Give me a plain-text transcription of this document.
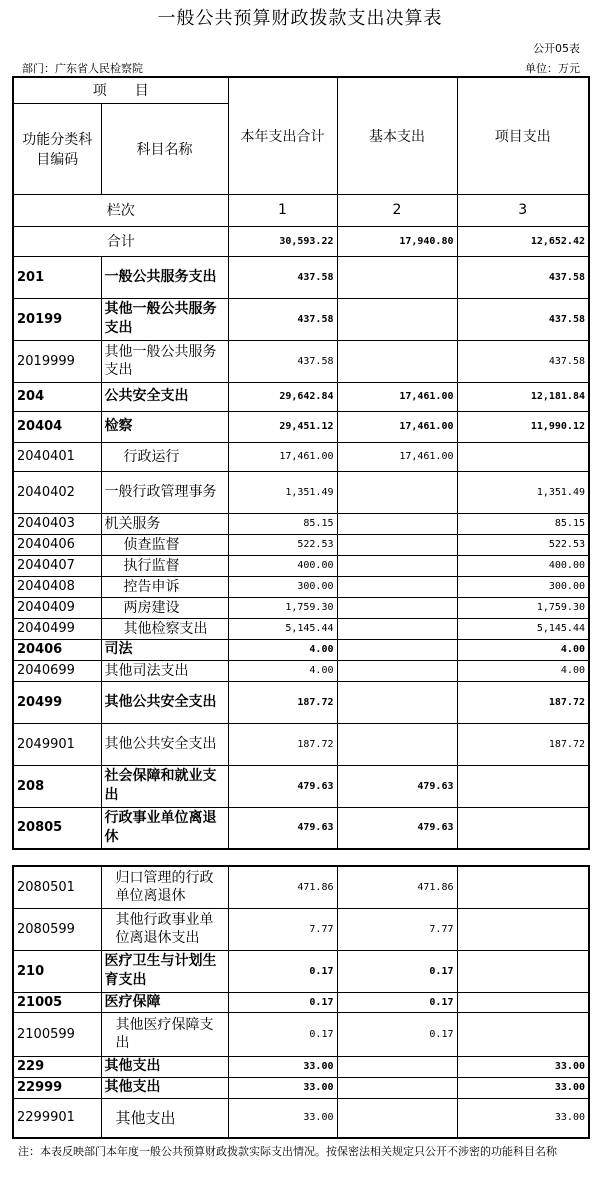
一般公共预算财政拨款支出决算表
公开05表
部门：广东省人民检察院	单位：万元
项　　目		本年支出合计	基本支出	项目支出
功能分类科目编码	科目名称			
栏次		1	2	3
合计		30,593.22	17,940.80	12,652.42
201	一般公共服务支出	437.58		437.58
20199	其他一般公共服务支出	437.58		437.58
2019999	其他一般公共服务支出	437.58		437.58
204	公共安全支出	29,642.84	17,461.00	12,181.84
20404	检察	29,451.12	17,461.00	11,990.12
2040401	行政运行	17,461.00	17,461.00	
2040402	一般行政管理事务	1,351.49		1,351.49
2040403	机关服务	85.15		85.15
2040406	侦查监督	522.53		522.53
2040407	执行监督	400.00		400.00
2040408	控告申诉	300.00		300.00
2040409	两房建设	1,759.30		1,759.30
2040499	其他检察支出	5,145.44		5,145.44
20406	司法	4.00		4.00
2040699	其他司法支出	4.00		4.00
20499	其他公共安全支出	187.72		187.72
2049901	其他公共安全支出	187.72		187.72
208	社会保障和就业支出	479.63	479.63	
20805	行政事业单位离退休	479.63	479.63	
2080501	归口管理的行政单位离退休	471.86	471.86	
2080599	其他行政事业单位离退休支出	7.77	7.77	
210	医疗卫生与计划生育支出	0.17	0.17	
21005	医疗保障	0.17	0.17	
2100599	其他医疗保障支出	0.17	0.17	
229	其他支出	33.00		33.00
22999	其他支出	33.00		33.00
2299901	其他支出	33.00		33.00
注：本表反映部门本年度一般公共预算财政拨款实际支出情况。按保密法相关规定只公开不涉密的功能科目名称
